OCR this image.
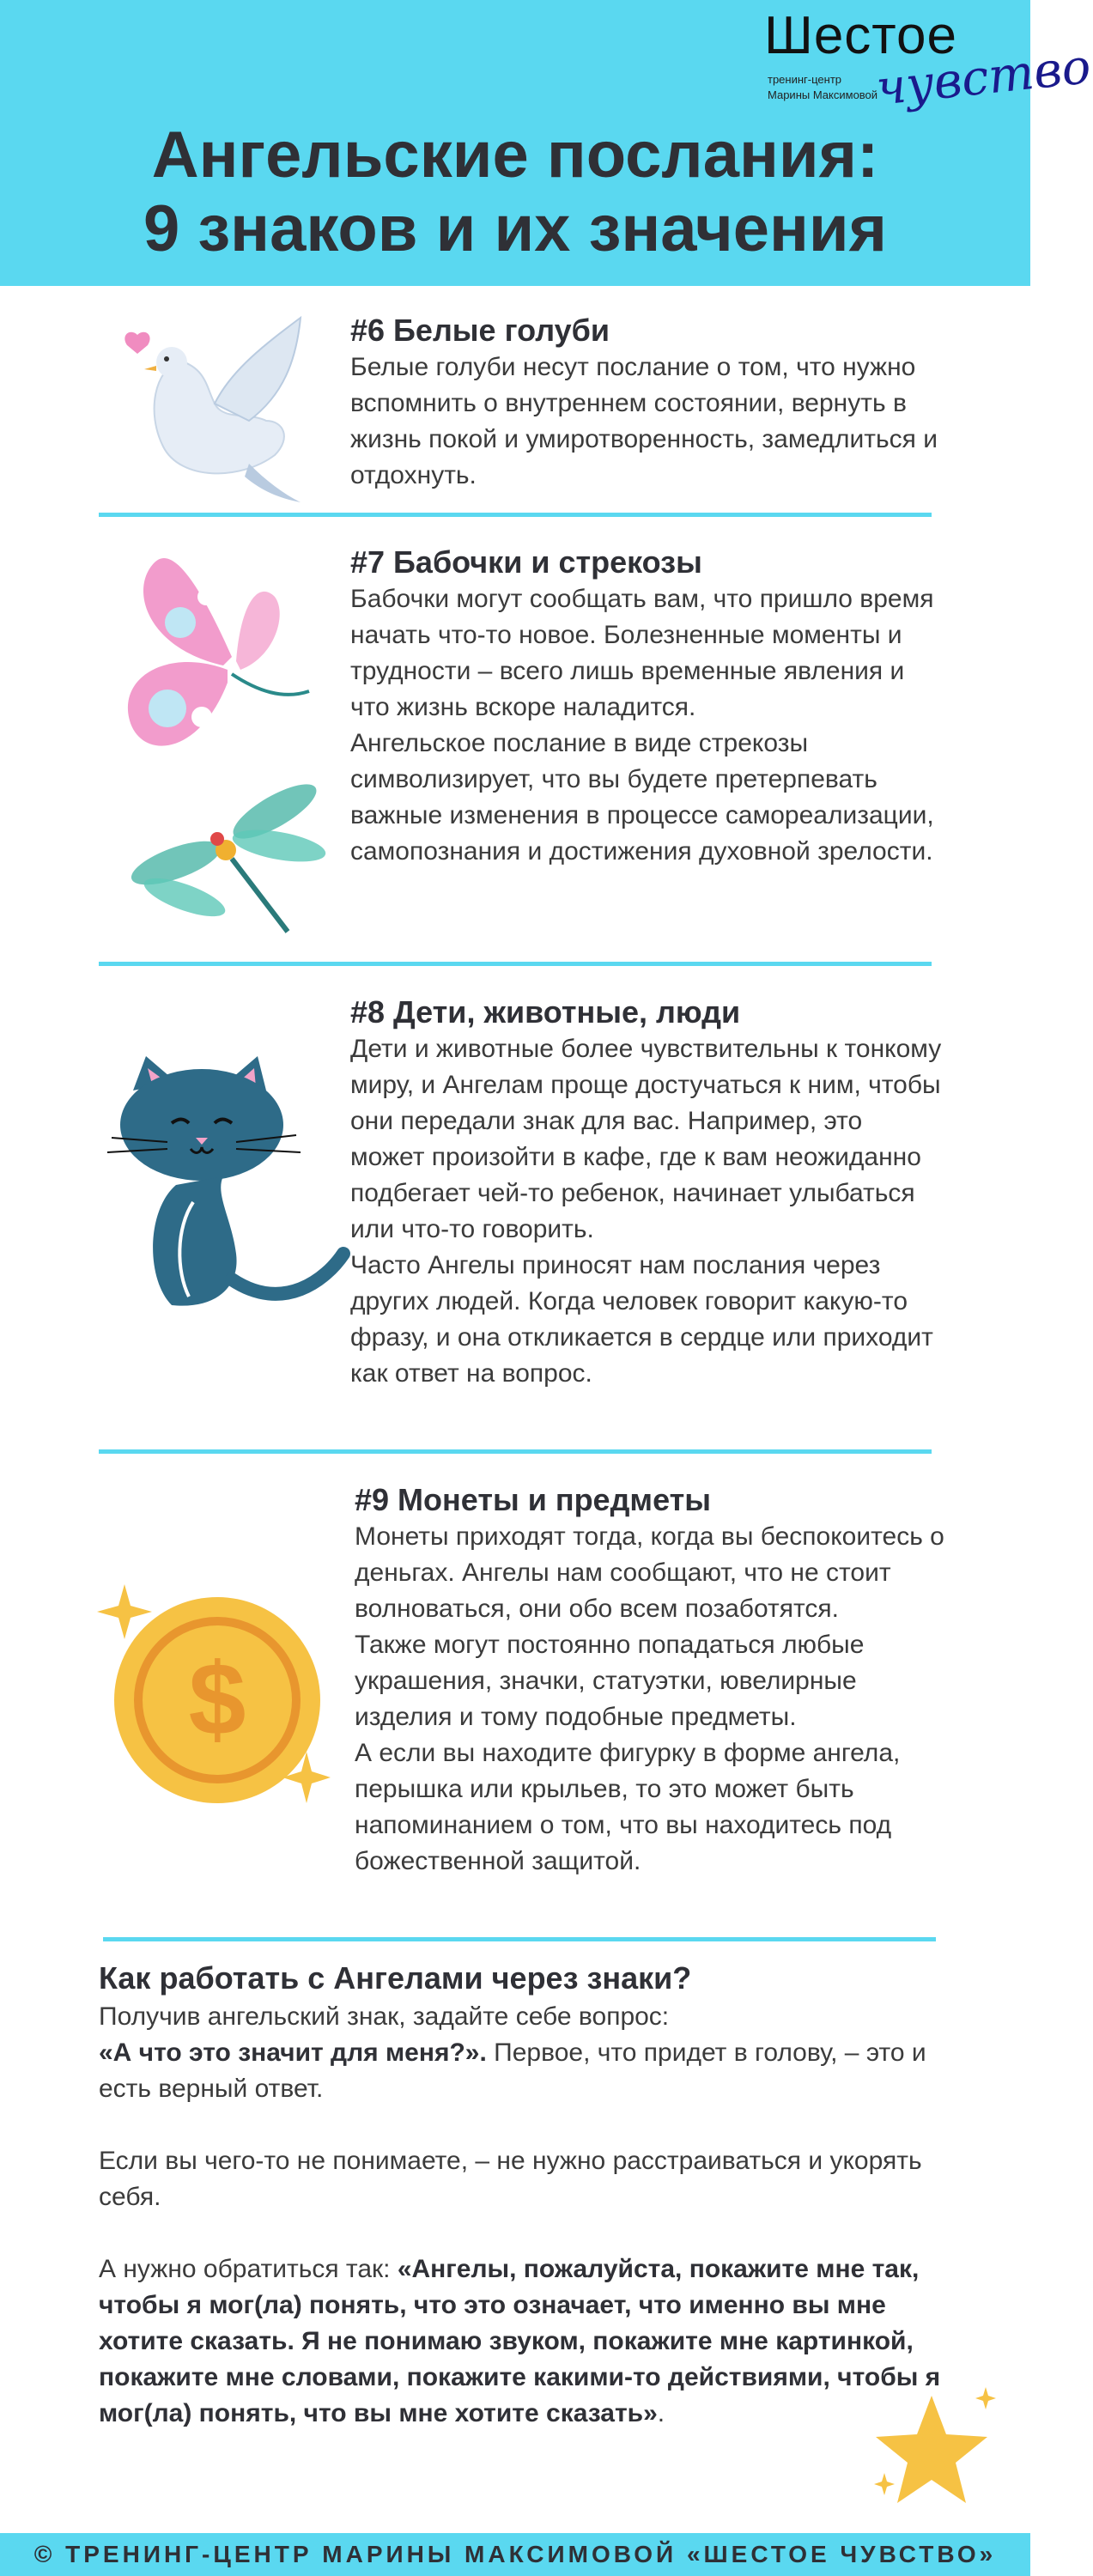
Шестое
чувство
тренинг-центр
Марины Максимовой
Ангельские послания:
9 знаков и их значения
#6 Белые голуби
Белые голуби несут послание о том, что нужно вспомнить о внутреннем состоянии, вернуть в жизнь покой и умиротворенность, замедлиться и отдохнуть.
#7 Бабочки и стрекозы
Бабочки могут сообщать вам, что пришло время начать что-то новое. Болезненные моменты и трудности – всего лишь временные явления и что жизнь вскоре наладится.
Ангельское послание в виде стрекозы символизирует, что вы будете претерпевать важные изменения в процессе самореализации, самопознания и достижения духовной зрелости.
#8 Дети, животные, люди
Дети и животные более чувствительны к тонкому миру, и Ангелам проще достучаться к ним, чтобы они передали знак для вас. Например, это может произойти в кафе, где к вам неожиданно подбегает чей-то ребенок, начинает улыбаться или что-то говорить.
Часто Ангелы приносят нам послания через других людей. Когда человек говорит какую-то фразу, и она откликается в сердце или приходит как ответ на вопрос.
$
#9 Монеты и предметы
Монеты приходят тогда, когда вы беспокоитесь о деньгах. Ангелы нам сообщают, что не стоит волноваться, они обо всем позаботятся.
Также могут постоянно попадаться любые украшения, значки, статуэтки, ювелирные изделия и тому подобные предметы.
А если вы находите фигурку в форме ангела, перышка или крыльев, то это может быть напоминанием о том, что вы находитесь под божественной защитой.
Как работать с Ангелами через знаки?
Получив ангельский знак, задайте себе вопрос:
«А что это значит для меня?». Первое, что придет в голову, – это и есть верный ответ.
Если вы чего-то не понимаете, – не нужно расстраиваться и укорять себя.
А нужно обратиться так: «Ангелы, пожалуйста, покажите мне так, чтобы я мог(ла) понять, что это означает, что именно вы мне хотите сказать. Я не понимаю звуком, покажите мне картинкой, покажите мне словами, покажите какими-то действиями, чтобы я мог(ла) понять, что вы мне хотите сказать».
© ТРЕНИНГ-ЦЕНТР МАРИНЫ МАКСИМОВОЙ «ШЕСТОЕ ЧУВСТВО»
